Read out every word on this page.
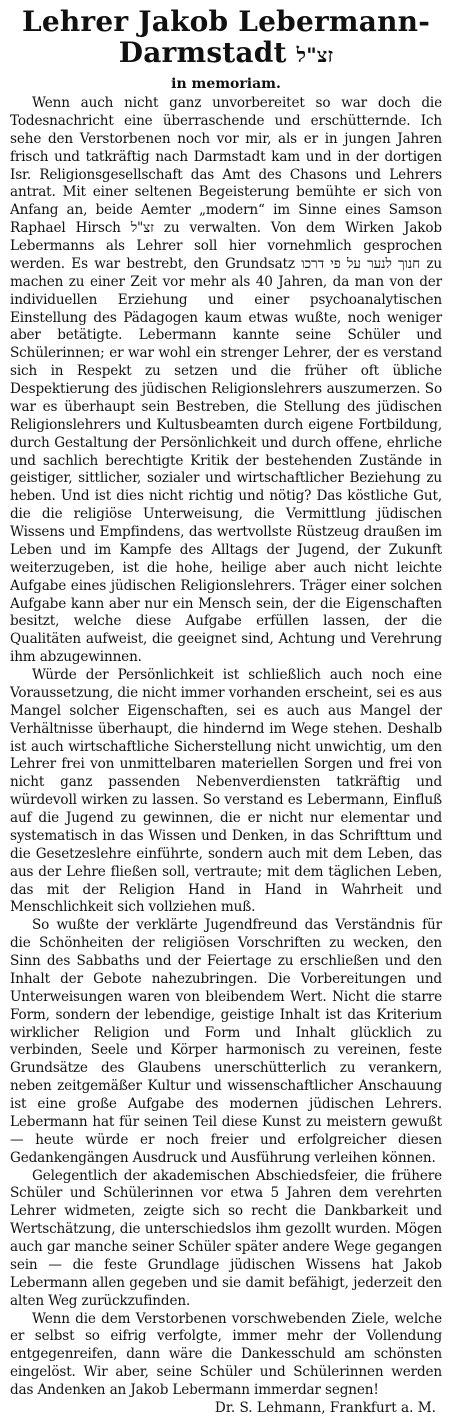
Lehrer Jakob Lebermann-
Darmstadt זצ"ל
in memoriam.

Wenn auch nicht ganz unvorbereitet so war doch die Todesnachricht eine überraschende und erschütternde. Ich sehe den Verstorbenen noch vor mir, als er in jungen Jahren frisch und tatkräftig nach Darmstadt kam und in der dortigen Isr. Religionsgesellschaft das Amt des Chasons und Lehrers antrat. Mit einer seltenen Begeisterung bemühte er sich von Anfang an, beide Aemter „modern“ im Sinne eines Samson Raphael Hirsch זצ"ל zu verwalten. Von dem Wirken Jakob Lebermanns als Lehrer soll hier vornehmlich gesprochen werden. Es war bestrebt, den Grundsatz חנוך לנער על פי דרכו zu machen zu einer Zeit vor mehr als 40 Jahren, da man von der individuellen Erziehung und einer psychoanalytischen Einstellung des Pädagogen kaum etwas wußte, noch weniger aber betätigte. Lebermann kannte seine Schüler und Schülerinnen; er war wohl ein strenger Lehrer, der es verstand sich in Respekt zu setzen und die früher oft übliche Despektierung des jüdischen Religionslehrers auszumerzen. So war es überhaupt sein Bestreben, die Stellung des jüdischen Religionslehrers und Kultusbeamten durch eigene Fortbildung, durch Gestaltung der Persönlichkeit und durch offene, ehrliche und sachlich berechtigte Kritik der bestehenden Zustände in geistiger, sittlicher, sozialer und wirtschaftlicher Beziehung zu heben. Und ist dies nicht richtig und nötig? Das köstliche Gut, die die religiöse Unterweisung, die Vermittlung jüdischen Wissens und Empfindens, das wertvollste Rüstzeug draußen im Leben und im Kampfe des Alltags der Jugend, der Zukunft weiterzugeben, ist die hohe, heilige aber auch nicht leichte Aufgabe eines jüdischen Religionslehrers. Träger einer solchen Aufgabe kann aber nur ein Mensch sein, der die Eigenschaften besitzt, welche diese Aufgabe erfüllen lassen, der die Qualitäten aufweist, die geeignet sind, Achtung und Verehrung ihm abzugewinnen.

Würde der Persönlichkeit ist schließlich auch noch eine Voraussetzung, die nicht immer vorhanden erscheint, sei es aus Mangel solcher Eigenschaften, sei es auch aus Mangel der Verhältnisse überhaupt, die hindernd im Wege stehen. Deshalb ist auch wirtschaftliche Sicherstellung nicht unwichtig, um den Lehrer frei von unmittelbaren materiellen Sorgen und frei von nicht ganz passenden Nebenverdiensten tatkräftig und würdevoll wirken zu lassen. So verstand es Lebermann, Einfluß auf die Jugend zu gewinnen, die er nicht nur elementar und systematisch in das Wissen und Denken, in das Schrifttum und die Gesetzeslehre einführte, sondern auch mit dem Leben, das aus der Lehre fließen soll, vertraute; mit dem täglichen Leben, das mit der Religion Hand in Hand in Wahrheit und Menschlichkeit sich vollziehen muß.

So wußte der verklärte Jugendfreund das Verständnis für die Schönheiten der religiösen Vorschriften zu wecken, den Sinn des Sabbaths und der Feiertage zu erschließen und den Inhalt der Gebote nahezubringen. Die Vorbereitungen und Unterweisungen waren von bleibendem Wert. Nicht die starre Form, sondern der lebendige, geistige Inhalt ist das Kriterium wirklicher Religion und Form und Inhalt glücklich zu verbinden, Seele und Körper harmonisch zu vereinen, feste Grundsätze des Glaubens unerschütterlich zu verankern, neben zeitgemäßer Kultur und wissenschaftlicher Anschauung ist eine große Aufgabe des modernen jüdischen Lehrers. Lebermann hat für seinen Teil diese Kunst zu meistern gewußt — heute würde er noch freier und erfolgreicher diesen Gedankengängen Ausdruck und Ausführung verleihen können.

Gelegentlich der akademischen Abschiedsfeier, die frühere Schüler und Schülerinnen vor etwa 5 Jahren dem verehrten Lehrer widmeten, zeigte sich so recht die Dankbarkeit und Wertschätzung, die unterschiedslos ihm gezollt wurden. Mögen auch gar manche seiner Schüler später andere Wege gegangen sein — die feste Grundlage jüdischen Wissens hat Jakob Lebermann allen gegeben und sie damit befähigt, jederzeit den alten Weg zurückzufinden.

Wenn die dem Verstorbenen vorschwebenden Ziele, welche er selbst so eifrig verfolgte, immer mehr der Vollendung entgegenreifen, dann wäre die Dankesschuld am schönsten eingelöst. Wir aber, seine Schüler und Schülerinnen werden das Andenken an Jakob Lebermann immerdar segnen!

Dr. S. Lehmann, Frankfurt a. M.
